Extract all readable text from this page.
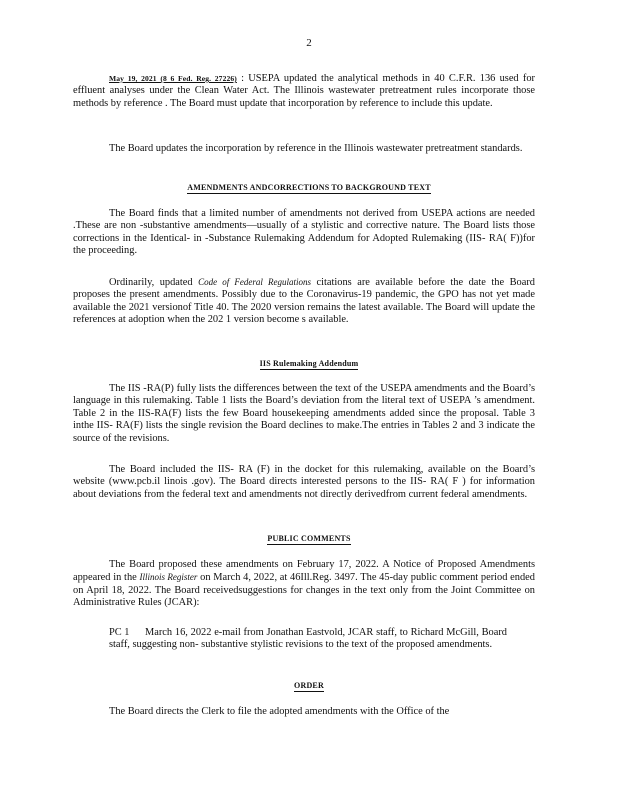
2

May 19, 2021 (8 6 Fed. Reg. 27226) : USEPA updated the analytical methods in 40 C.F.R. 136 used for effluent analyses under the Clean Water Act. The Illinois wastewater pretreatment rules incorporate those methods by reference . The Board must update that incorporation by reference to include this update.

The Board updates the incorporation by reference in the Illinois wastewater pretreatment standards.

AMENDMENTS ANDCORRECTIONS TO BACKGROUND TEXT

The Board finds that a limited number of amendments not derived from USEPA actions are needed .These are non -substantive amendments—usually of a stylistic and corrective nature. The Board lists those corrections in the Identical- in -Substance Rulemaking Addendum for Adopted Rulemaking (IIS- RA( F))for the proceeding.

Ordinarily, updated Code of Federal Regulations citations are available before the date the Board proposes the present amendments. Possibly due to the Coronavirus-19 pandemic, the GPO has not yet made available the 2021 versionof Title 40. The 2020 version remains the latest available. The Board will update the references at adoption when the 202 1 version become s available.

IIS Rulemaking Addendum

The IIS -RA(P) fully lists the differences between the text of the USEPA amendments and the Board’s language in this rulemaking. Table 1 lists the Board’s deviation from the literal text of USEPA ’s amendment. Table 2 in the IIS-RA(F) lists the few Board housekeeping amendments added since the proposal. Table 3 inthe IIS- RA(F) lists the single revision the Board declines to make.The entries in Tables 2 and 3 indicate the source of the revisions.

The Board included the IIS- RA (F) in the docket for this rulemaking, available on the Board’s website (www.pcb.il linois .gov). The Board directs interested persons to the IIS- RA( F ) for information about deviations from the federal text and amendments not directly derivedfrom current federal amendments.

PUBLIC COMMENTS

The Board proposed these amendments on February 17, 2022. A Notice of Proposed Amendments appeared in the Illinois Register on March 4, 2022, at 46Ill.Reg. 3497. The 45-day public comment period ended on April 18, 2022. The Board receivedsuggestions for changes in the text only from the Joint Committee on Administrative Rules (JCAR):

PC 1 March 16, 2022 e-mail from Jonathan Eastvold, JCAR staff, to Richard McGill, Board staff, suggesting non- substantive stylistic revisions to the text of the proposed amendments.
ORDER

The Board directs the Clerk to file the adopted amendments with the Office of the
